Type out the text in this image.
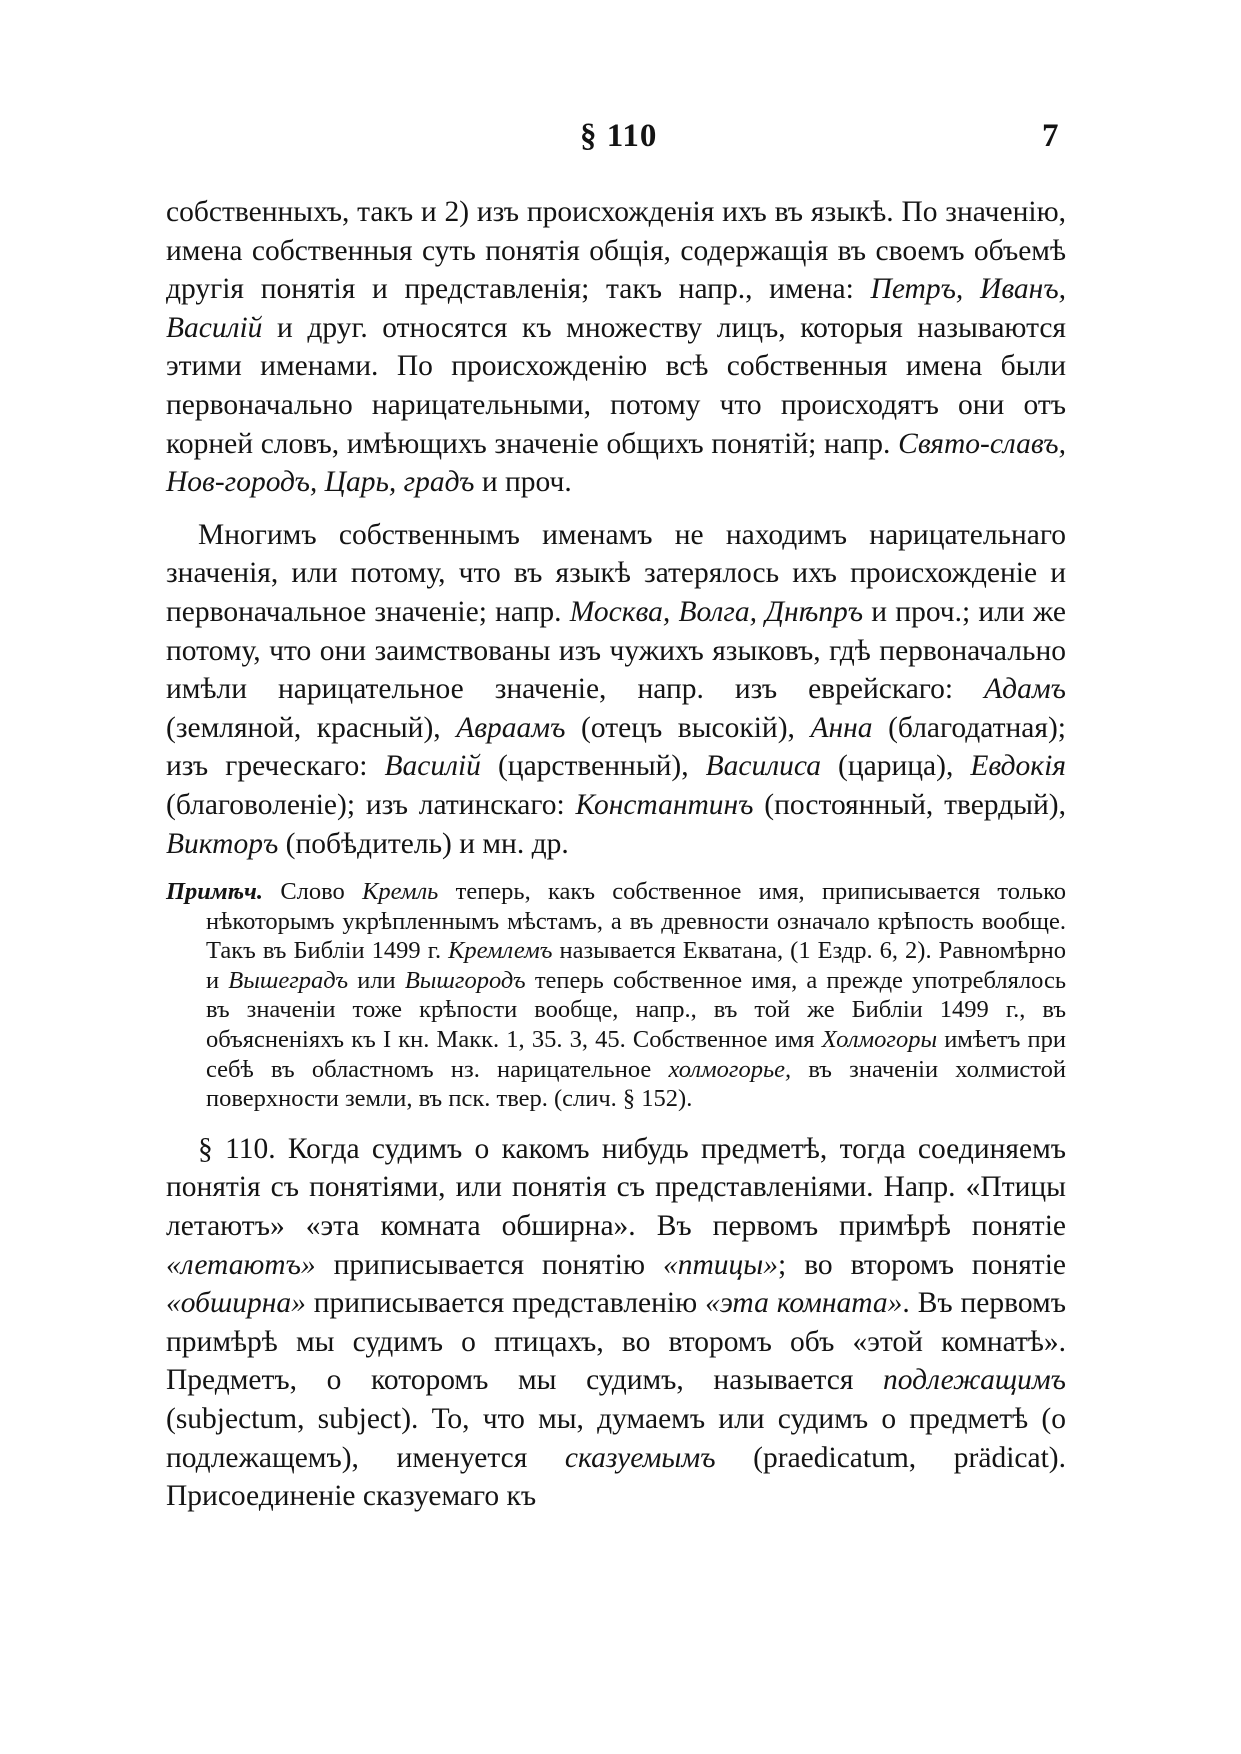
§ 110	7

собственныхъ, такъ и 2) изъ происхожденія ихъ въ языкѣ. По значенію, имена собственныя суть понятія общія, содержащія въ своемъ объемѣ другія понятія и представленія; такъ напр., имена: Петръ, Иванъ, Василій и друг. относятся къ множеству лицъ, которыя называются этими именами. По происхожденію всѣ собственныя имена были первоначально нарицательными, потому что происходятъ они отъ корней словъ, имѣющихъ значеніе общихъ понятій; напр. Свято-славъ, Нов-городъ, Царь, градъ и проч.

Многимъ собственнымъ именамъ не находимъ нарицательнаго значенія, или потому, что въ языкѣ затерялось ихъ происхожденіе и первоначальное значеніе; напр. Москва, Волга, Днѣпръ и проч.; или же потому, что они заимствованы изъ чужихъ языковъ, гдѣ первоначально имѣли нарицательное значеніе, напр. изъ еврейскаго: Адамъ (земляной, красный), Авраамъ (отецъ высокій), Анна (благодатная); изъ греческаго: Василій (царственный), Василиса (царица), Евдокія (благоволеніе); изъ латинскаго: Константинъ (постоянный, твердый), Викторъ (побѣдитель) и мн. др.

Примѣч. Слово Кремль теперь, какъ собственное имя, приписывается только нѣкоторымъ укрѣпленнымъ мѣстамъ, а въ древности означало крѣпость вообще. Такъ въ Библіи 1499 г. Кремлемъ называется Екватана, (1 Ездр. 6, 2). Равномѣрно и Вышеградъ или Вышгородъ теперь собственное имя, а прежде употреблялось въ значеніи тоже крѣпости вообще, напр., въ той же Библіи 1499 г., въ объясненіяхъ къ I кн. Макк. 1, 35. 3, 45. Собственное имя Холмогоры имѣетъ при себѣ въ областномъ нз. нарицательное холмогорье, въ значеніи холмистой поверхности земли, въ пск. твер. (слич. § 152).

§ 110. Когда судимъ о какомъ нибудь предметѣ, тогда соединяемъ понятія съ понятіями, или понятія съ представленіями. Напр. «Птицы летаютъ» «эта комната обширна». Въ первомъ примѣрѣ понятіе «летаютъ» приписывается понятію «птицы»; во второмъ понятіе «обширна» приписывается представленію «эта комната». Въ первомъ примѣрѣ мы судимъ о птицахъ, во второмъ объ «этой комнатѣ». Предметъ, о которомъ мы судимъ, называется подлежащимъ (subjectum, subject). То, что мы, думаемъ или судимъ о предметѣ (о подлежащемъ), именуется сказуемымъ (praedicatum, prädicat). Присоединеніе сказуемаго къ
